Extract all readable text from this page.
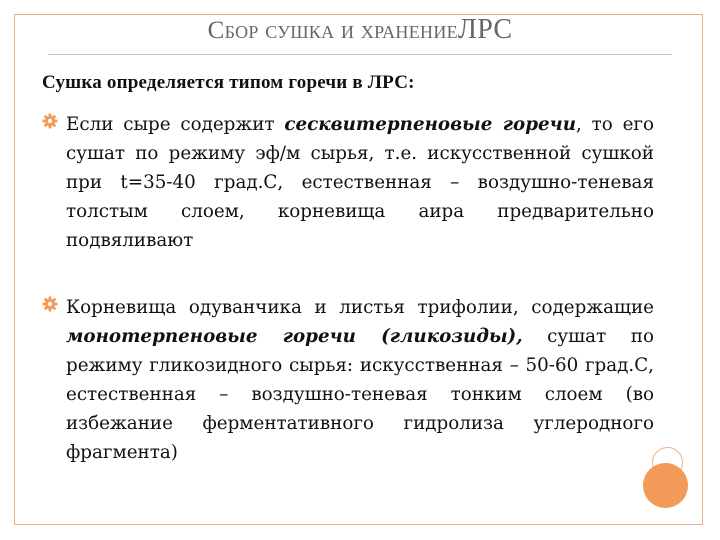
Сбор сушка и хранениеЛРС
Сушка определяется типом горечи в ЛРС:
Если сыре содержит сесквитерпеновые горечи, то его сушат по режиму эф/м сырья, т.е. искусственной сушкой при t=35-40 град.С, естественная – воздушно-теневая толстым слоем, корневища аира предварительно подвяливают
Корневища одуванчика и листья трифолии, содержащие монотерпеновые горечи (гликозиды), сушат по режиму гликозидного сырья: искусственная – 50-60 град.С, естественная – воздушно-теневая тонким слоем (во избежание ферментативного гидролиза углеродного фрагмента)
